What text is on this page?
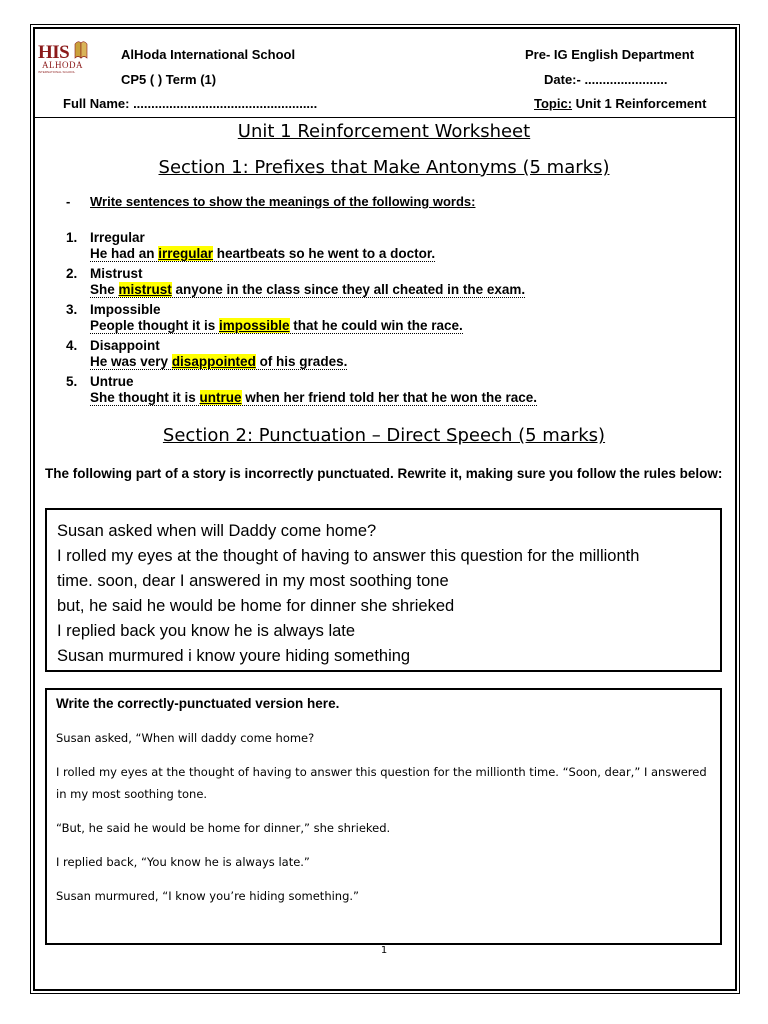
HIS
ALHODA
INTERNATIONAL SCHOOL
AlHoda International School
CP5 ( ) Term (1)
Full Name: ...................................................
Pre- IG English Department
Date:- .......................
Topic: Unit 1 Reinforcement
Unit 1 Reinforcement Worksheet
Section 1: Prefixes that Make Antonyms (5 marks)
- Write sentences to show the meanings of the following words:
1. Irregular
He had an irregular heartbeats so he went to a doctor.
2. Mistrust
She mistrust anyone in the class since they all cheated in the exam.
3. Impossible
People thought it is impossible that he could win the race.
4. Disappoint
He was very disappointed of his grades.
5. Untrue
She thought it is untrue when her friend told her that he won the race.
Section 2: Punctuation – Direct Speech (5 marks)
The following part of a story is incorrectly punctuated. Rewrite it, making sure you follow the rules below:
Susan asked when will Daddy come home?
I rolled my eyes at the thought of having to answer this question for the millionth
time. soon, dear I answered in my most soothing tone
but, he said he would be home for dinner she shrieked
I replied back you know he is always late
Susan murmured i know youre hiding something
Write the correctly-punctuated version here.
Susan asked, “When will daddy come home?
I rolled my eyes at the thought of having to answer this question for the millionth time. “Soon, dear,” I answered in my most soothing tone.
“But, he said he would be home for dinner,” she shrieked.
I replied back, “You know he is always late.”
Susan murmured, “I know you’re hiding something.”
1
